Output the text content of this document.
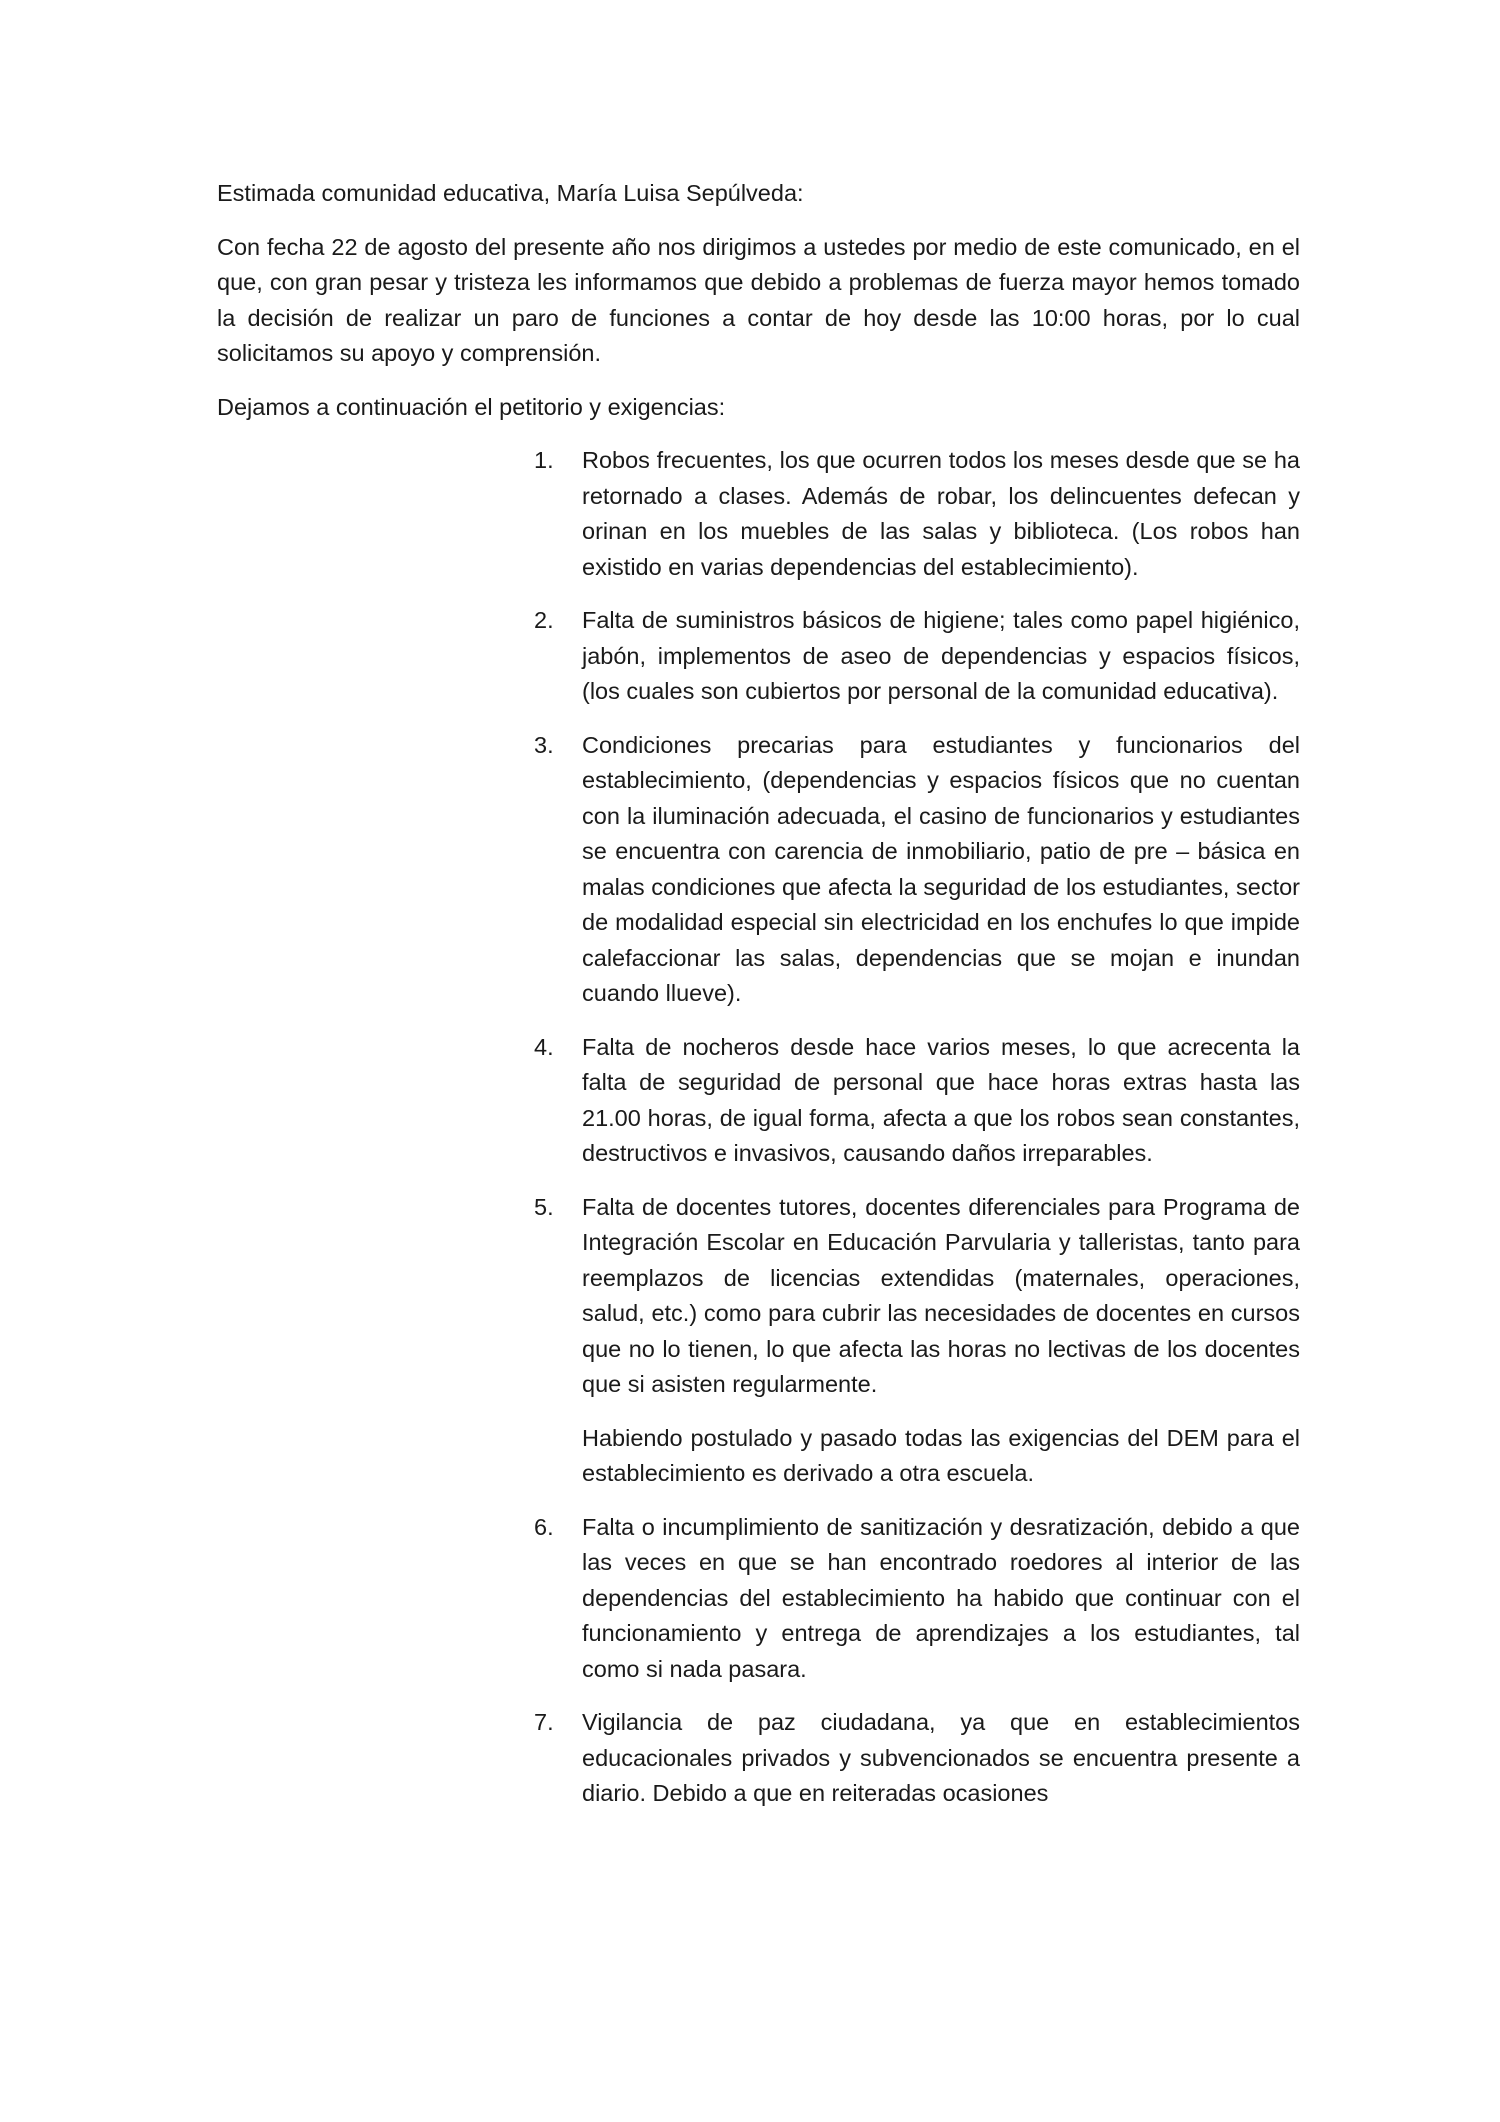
Estimada comunidad educativa, María Luisa Sepúlveda:

Con fecha 22 de agosto del presente año nos dirigimos a ustedes por medio de este comunicado, en el que, con gran pesar y tristeza les informamos que debido a problemas de fuerza mayor hemos tomado la decisión de realizar un paro de funciones a contar de hoy desde las 10:00 horas, por lo cual solicitamos su apoyo y comprensión.

Dejamos a continuación el petitorio y exigencias:

1.	Robos frecuentes, los que ocurren todos los meses desde que se ha retornado a clases. Además de robar, los delincuentes defecan y orinan en los muebles de las salas y biblioteca. (Los robos han existido en varias dependencias del establecimiento).
2.	Falta de suministros básicos de higiene; tales como papel higiénico, jabón, implementos de aseo de dependencias y espacios físicos, (los cuales son cubiertos por personal de la comunidad educativa).
3.	Condiciones precarias para estudiantes y funcionarios del establecimiento, (dependencias y espacios físicos que no cuentan con la iluminación adecuada, el casino de funcionarios y estudiantes se encuentra con carencia de inmobiliario, patio de pre – básica en malas condiciones que afecta la seguridad de los estudiantes, sector de modalidad especial sin electricidad en los enchufes lo que impide calefaccionar las salas, dependencias que se mojan e inundan cuando llueve).
4.	Falta de nocheros desde hace varios meses, lo que acrecenta la falta de seguridad de personal que hace horas extras hasta las 21.00 horas, de igual forma, afecta a que los robos sean constantes, destructivos e invasivos, causando daños irreparables.
5.	Falta de docentes tutores, docentes diferenciales para Programa de Integración Escolar en Educación Parvularia y talleristas, tanto para reemplazos de licencias extendidas (maternales, operaciones, salud, etc.) como para cubrir las necesidades de docentes en cursos que no lo tienen, lo que afecta las horas no lectivas de los docentes que si asisten regularmente.
Habiendo postulado y pasado todas las exigencias del DEM para el establecimiento es derivado a otra escuela.
6.	Falta o incumplimiento de sanitización y desratización, debido a que las veces en que se han encontrado roedores al interior de las dependencias del establecimiento ha habido que continuar con el funcionamiento y entrega de aprendizajes a los estudiantes, tal como si nada pasara.
7.	Vigilancia de paz ciudadana, ya que en establecimientos educacionales privados y subvencionados se encuentra presente a diario. Debido a que en reiteradas ocasiones
